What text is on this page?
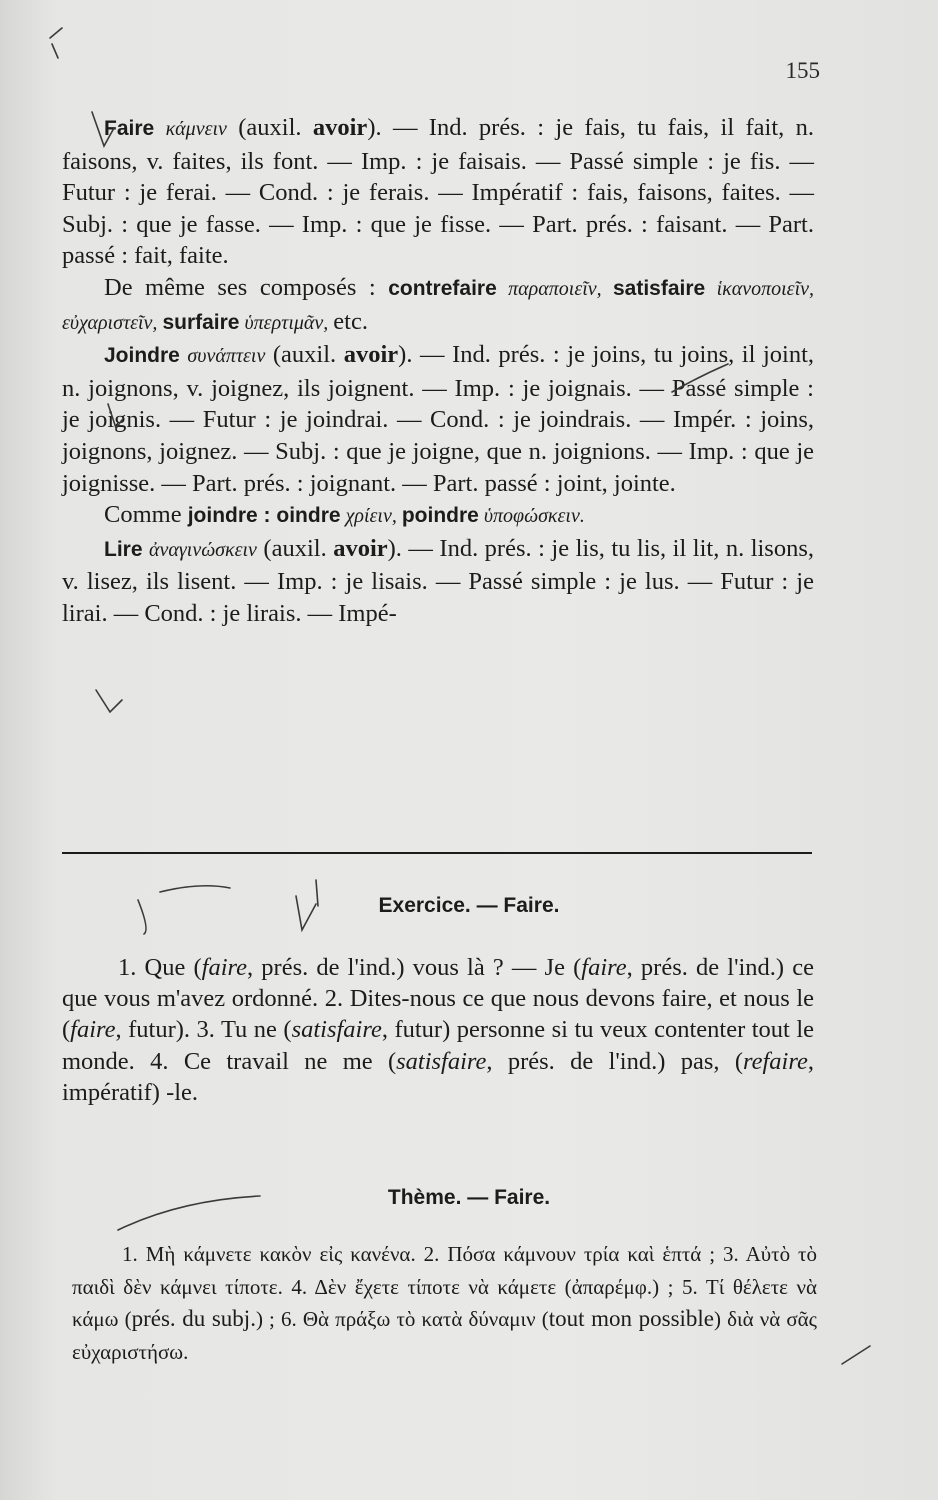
155

Faire κάμνειν (auxil. avoir). — Ind. prés. : je fais, tu fais, il fait, n. faisons, v. faites, ils font. — Imp. : je faisais. — Passé simple : je fis. — Futur : je ferai. — Cond. : je ferais. — Impératif : fais, faisons, faites. — Subj. : que je fasse. — Imp. : que je fisse. — Part. prés. : faisant. — Part. passé : fait, faite.

De même ses composés : contrefaire παραποιεῖν, satisfaire ἱκανοποιεῖν, εὐχαριστεῖν, surfaire ὑπερτιμᾶν, etc.

Joindre συνάπτειν (auxil. avoir). — Ind. prés. : je joins, tu joins, il joint, n. joignons, v. joignez, ils joignent. — Imp. : je joignais. — Passé simple : je joignis. — Futur : je joindrai. — Cond. : je joindrais. — Impér. : joins, joignons, joignez. — Subj. : que je joigne, que n. joignions. — Imp. : que je joignisse. — Part. prés. : joignant. — Part. passé : joint, jointe.

Comme joindre : oindre χρίειν, poindre ὑποφώσκειν.

Lire ἀναγινώσκειν (auxil. avoir). — Ind. prés. : je lis, tu lis, il lit, n. lisons, v. lisez, ils lisent. — Imp. : je lisais. — Passé simple : je lus. — Futur : je lirai. — Cond. : je lirais. — Impé-

Exercice. — Faire.

1. Que (faire, prés. de l'ind.) vous là ? — Je (faire, prés. de l'ind.) ce que vous m'avez ordonné. 2. Dites-nous ce que nous devons faire, et nous le (faire, futur). 3. Tu ne (satisfaire, futur) personne si tu veux contenter tout le monde. 4. Ce travail ne me (satisfaire, prés. de l'ind.) pas, (refaire, impératif) -le.

Thème. — Faire.

1. Μὴ κάμνετε κακὸν εἰς κανένα. 2. Πόσα κάμνουν τρία καὶ ἑπτά ; 3. Αὐτὸ τὸ παιδὶ δὲν κάμνει τίποτε. 4. Δὲν ἔχετε τίποτε νὰ κάμετε (ἀπαρέμφ.) ; 5. Τί θέλετε νὰ κάμω (prés. du subj.) ; 6. Θὰ πράξω τὸ κατὰ δύναμιν (tout mon possible) διὰ νὰ σᾶς εὐχαριστήσω.
